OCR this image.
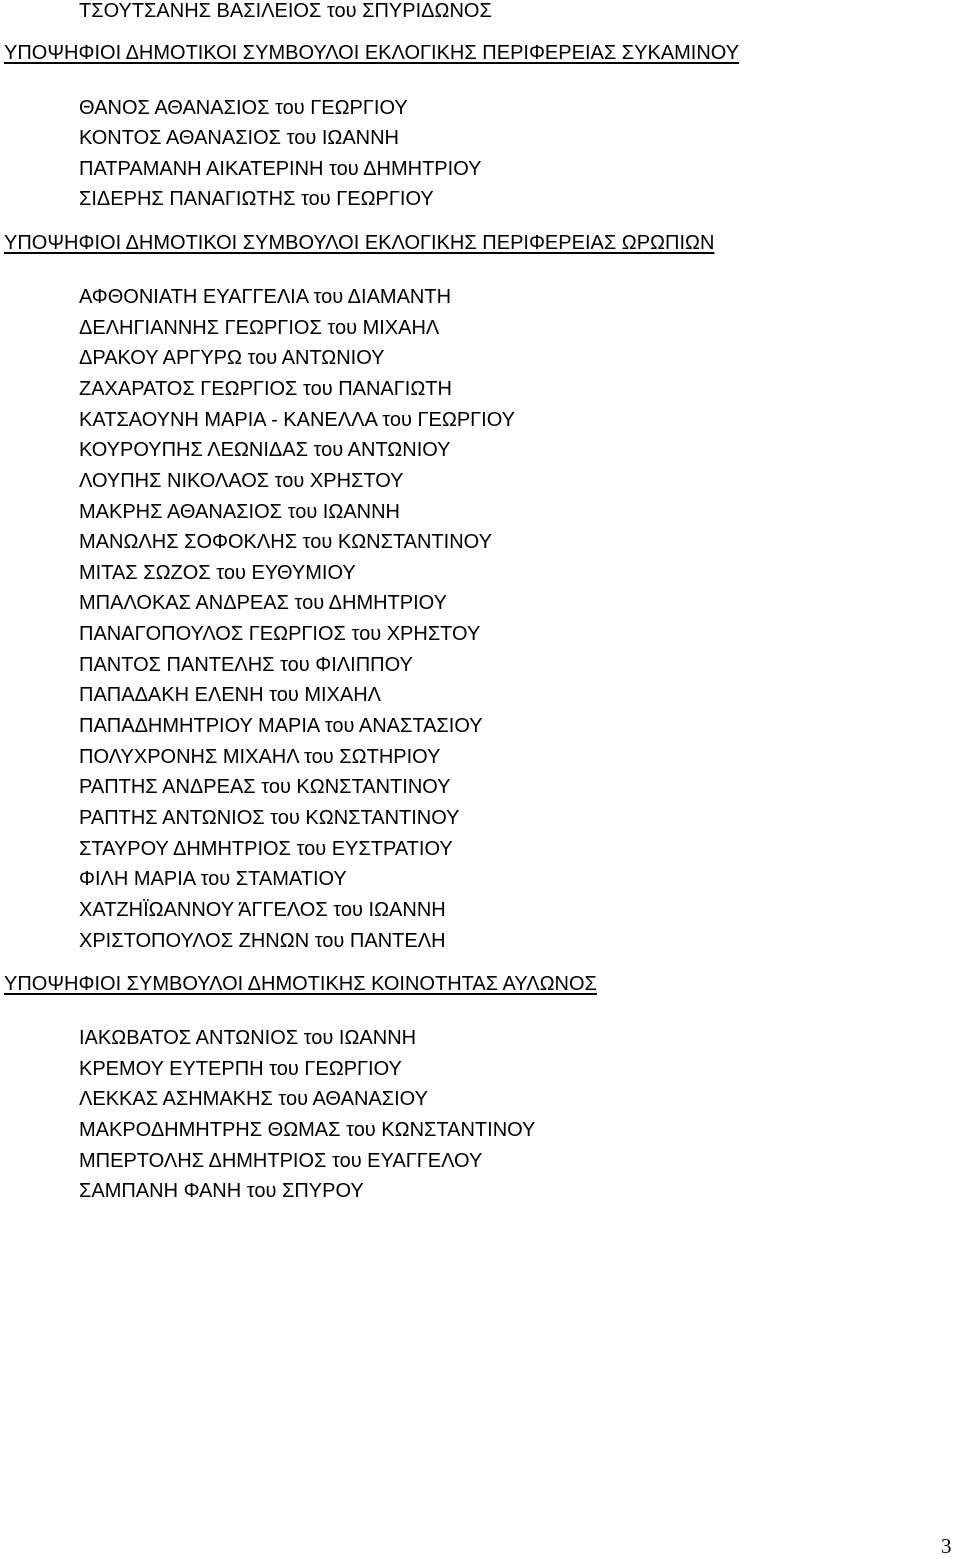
ΤΣΟΥΤΣΑΝΗΣ ΒΑΣΙΛΕΙΟΣ του ΣΠΥΡΙΔΩΝΟΣ
ΥΠΟΨΗΦΙΟΙ ΔΗΜΟΤΙΚΟΙ ΣΥΜΒΟΥΛΟΙ ΕΚΛΟΓΙΚΗΣ ΠΕΡΙΦΕΡΕΙΑΣ ΣΥΚΑΜΙΝΟΥ
ΘΑΝΟΣ ΑΘΑΝΑΣΙΟΣ του ΓΕΩΡΓΙΟΥ
ΚΟΝΤΟΣ ΑΘΑΝΑΣΙΟΣ του ΙΩΑΝΝΗ
ΠΑΤΡΑΜΑΝΗ ΑΙΚΑΤΕΡΙΝΗ του ΔΗΜΗΤΡΙΟΥ
ΣΙΔΕΡΗΣ ΠΑΝΑΓΙΩΤΗΣ του ΓΕΩΡΓΙΟΥ
ΥΠΟΨΗΦΙΟΙ ΔΗΜΟΤΙΚΟΙ ΣΥΜΒΟΥΛΟΙ ΕΚΛΟΓΙΚΗΣ ΠΕΡΙΦΕΡΕΙΑΣ ΩΡΩΠΙΩΝ
ΑΦΘΟΝΙΑΤΗ ΕΥΑΓΓΕΛΙΑ του ΔΙΑΜΑΝΤΗ
ΔΕΛΗΓΙΑΝΝΗΣ ΓΕΩΡΓΙΟΣ του ΜΙΧΑΗΛ
ΔΡΑΚΟΥ ΑΡΓΥΡΩ του ΑΝΤΩΝΙΟΥ
ΖΑΧΑΡΑΤΟΣ ΓΕΩΡΓΙΟΣ του ΠΑΝΑΓΙΩΤΗ
ΚΑΤΣΑΟΥΝΗ ΜΑΡΙΑ - ΚΑΝΕΛΛΑ του ΓΕΩΡΓΙΟΥ
ΚΟΥΡΟΥΠΗΣ ΛΕΩΝΙΔΑΣ του ΑΝΤΩΝΙΟΥ
ΛΟΥΠΗΣ ΝΙΚΟΛΑΟΣ του ΧΡΗΣΤΟΥ
ΜΑΚΡΗΣ ΑΘΑΝΑΣΙΟΣ του ΙΩΑΝΝΗ
ΜΑΝΩΛΗΣ ΣΟΦΟΚΛΗΣ του ΚΩΝΣΤΑΝΤΙΝΟΥ
ΜΙΤΑΣ ΣΩΖΟΣ του ΕΥΘΥΜΙΟΥ
ΜΠΑΛΟΚΑΣ ΑΝΔΡΕΑΣ του ΔΗΜΗΤΡΙΟΥ
ΠΑΝΑΓΟΠΟΥΛΟΣ ΓΕΩΡΓΙΟΣ του ΧΡΗΣΤΟΥ
ΠΑΝΤΟΣ ΠΑΝΤΕΛΗΣ του ΦΙΛΙΠΠΟΥ
ΠΑΠΑΔΑΚΗ ΕΛΕΝΗ του ΜΙΧΑΗΛ
ΠΑΠΑΔΗΜΗΤΡΙΟΥ ΜΑΡΙΑ του ΑΝΑΣΤΑΣΙΟΥ
ΠΟΛΥΧΡΟΝΗΣ ΜΙΧΑΗΛ του ΣΩΤΗΡΙΟΥ
ΡΑΠΤΗΣ ΑΝΔΡΕΑΣ του ΚΩΝΣΤΑΝΤΙΝΟΥ
ΡΑΠΤΗΣ ΑΝΤΩΝΙΟΣ του ΚΩΝΣΤΑΝΤΙΝΟΥ
ΣΤΑΥΡΟΥ ΔΗΜΗΤΡΙΟΣ του ΕΥΣΤΡΑΤΙΟΥ
ΦΙΛΗ ΜΑΡΙΑ του ΣΤΑΜΑΤΙΟΥ
ΧΑΤΖΗΪΩΑΝΝΟΥ ΆΓΓΕΛΟΣ του ΙΩΑΝΝΗ
ΧΡΙΣΤΟΠΟΥΛΟΣ ΖΗΝΩΝ του ΠΑΝΤΕΛΗ
ΥΠΟΨΗΦΙΟΙ ΣΥΜΒΟΥΛΟΙ ΔΗΜΟΤΙΚΗΣ ΚΟΙΝΟΤΗΤΑΣ ΑΥΛΩΝΟΣ
ΙΑΚΩΒΑΤΟΣ ΑΝΤΩΝΙΟΣ του ΙΩΑΝΝΗ
ΚΡΕΜΟΥ ΕΥΤΕΡΠΗ του ΓΕΩΡΓΙΟΥ
ΛΕΚΚΑΣ ΑΣΗΜΑΚΗΣ του ΑΘΑΝΑΣΙΟΥ
ΜΑΚΡΟΔΗΜΗΤΡΗΣ ΘΩΜΑΣ του ΚΩΝΣΤΑΝΤΙΝΟΥ
ΜΠΕΡΤΟΛΗΣ ΔΗΜΗΤΡΙΟΣ του ΕΥΑΓΓΕΛΟΥ
ΣΑΜΠΑΝΗ ΦΑΝΗ του ΣΠΥΡΟΥ
3
